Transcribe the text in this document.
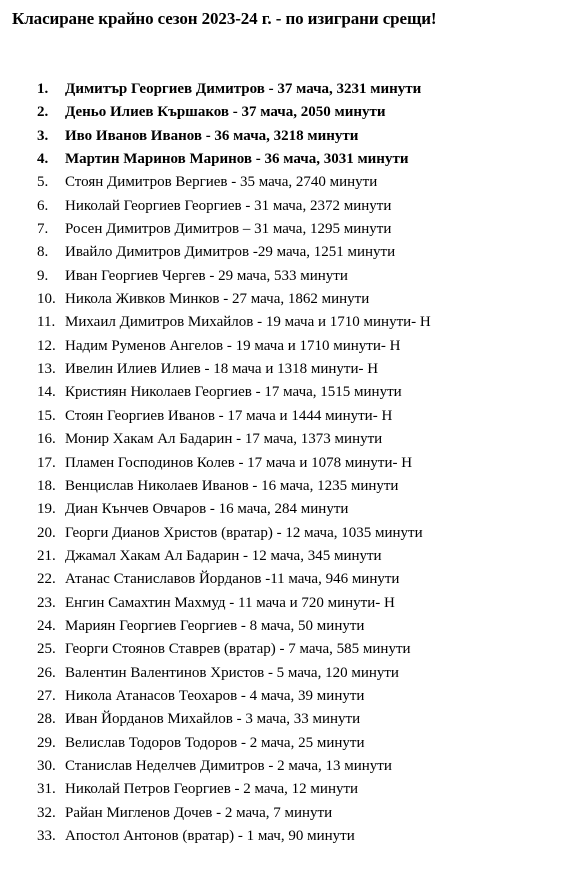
Класиране крайно сезон 2023-24 г. - по изиграни срещи!
1. Димитър Георгиев Димитров - 37 мача, 3231 минути
2. Деньо Илиев Кършаков - 37 мача, 2050 минути
3. Иво Иванов Иванов - 36 мача, 3218 минути
4. Мартин Маринов Маринов - 36 мача, 3031 минути
5. Стоян Димитров Вергиев - 35 мача, 2740 минути
6. Николай Георгиев Георгиев - 31 мача, 2372 минути
7. Росен Димитров Димитров – 31 мача, 1295 минути
8. Ивайло Димитров Димитров -29 мача, 1251 минути
9. Иван Георгиев Чергев - 29 мача, 533 минути
10. Никола Живков Минков - 27 мача, 1862 минути
11. Михаил Димитров Михайлов - 19 мача и 1710 минути- Н
12. Надим Руменов Ангелов - 19 мача и 1710 минути- Н
13. Ивелин Илиев Илиев - 18 мача и 1318 минути- Н
14. Кристиян Николаев Георгиев - 17 мача, 1515 минути
15. Стоян Георгиев Иванов - 17 мача и 1444 минути- Н
16. Монир Хакам Ал Бадарин - 17 мача, 1373 минути
17. Пламен Господинов Колев - 17 мача и 1078 минути- Н
18. Венцислав Николаев Иванов - 16 мача, 1235 минути
19. Диан Кънчев Овчаров - 16 мача, 284 минути
20. Георги Дианов Христов (вратар) - 12 мача, 1035 минути
21. Джамал Хакам Ал Бадарин - 12 мача, 345 минути
22. Атанас Станиславов Йорданов -11 мача, 946 минути
23. Енгин Самахтин Махмуд - 11 мача и 720 минути- Н
24. Мариян Георгиев Георгиев - 8 мача, 50 минути
25. Георги Стоянов Ставрев (вратар) - 7 мача, 585 минути
26. Валентин Валентинов Христов - 5 мача, 120 минути
27. Никола Атанасов Теохаров - 4 мача, 39 минути
28. Иван Йорданов Михайлов - 3 мача, 33 минути
29. Велислав Тодоров Тодоров - 2 мача, 25 минути
30. Станислав Неделчев Димитров - 2 мача, 13 минути
31. Николай Петров Георгиев - 2 мача, 12 минути
32. Райан Мигленов Дочев - 2 мача, 7 минути
33. Апостол Антонов (вратар) - 1 мач, 90 минути
